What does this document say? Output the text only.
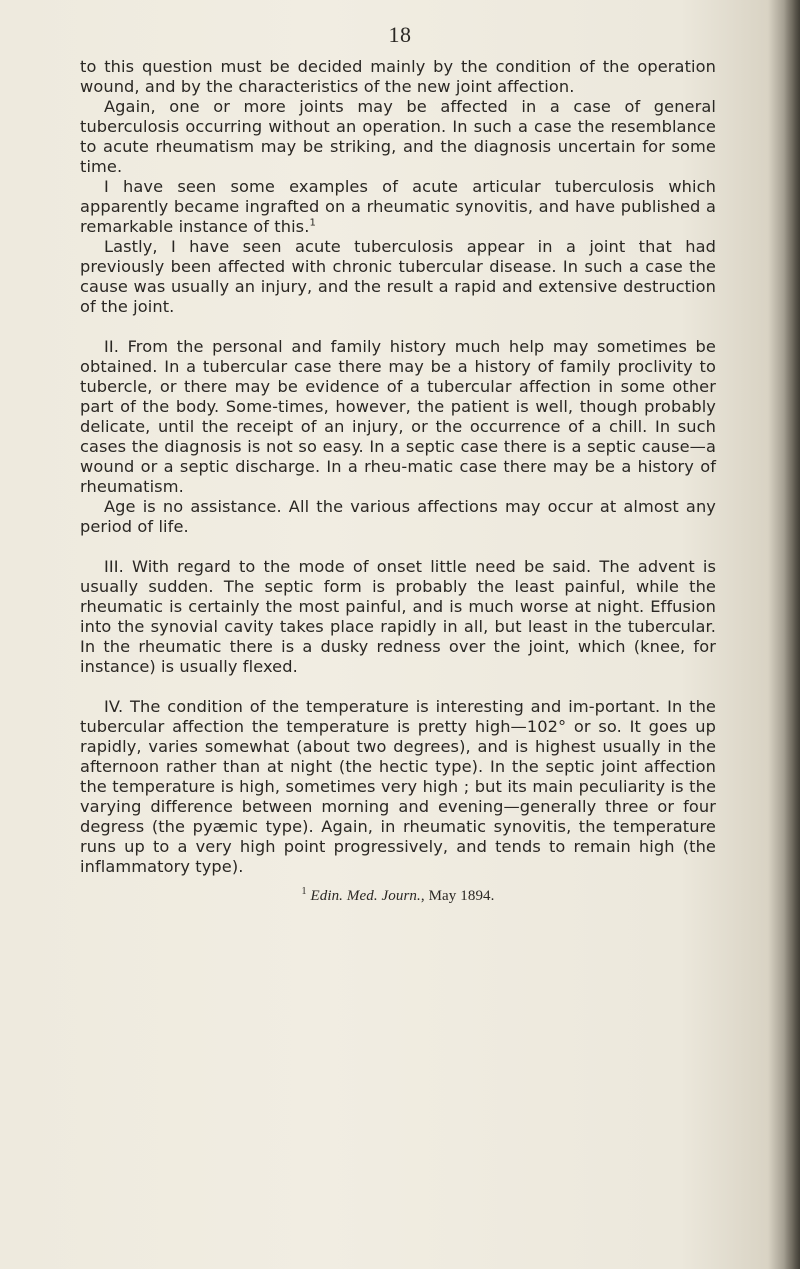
18

to this question must be decided mainly by the condition of the operation wound, and by the characteristics of the new joint affection.

Again, one or more joints may be affected in a case of general tuberculosis occurring without an operation. In such a case the resemblance to acute rheumatism may be striking, and the diagnosis uncertain for some time.

I have seen some examples of acute articular tuberculosis which apparently became ingrafted on a rheumatic synovitis, and have published a remarkable instance of this.$^1$

Lastly, I have seen acute tuberculosis appear in a joint that had previously been affected with chronic tubercular disease. In such a case the cause was usually an injury, and the result a rapid and extensive destruction of the joint.

II. From the personal and family history much help may sometimes be obtained. In a tubercular case there may be a history of family proclivity to tubercle, or there may be evidence of a tubercular affection in some other part of the body. Some-times, however, the patient is well, though probably delicate, until the receipt of an injury, or the occurrence of a chill. In such cases the diagnosis is not so easy. In a septic case there is a septic cause—a wound or a septic discharge. In a rheu-matic case there may be a history of rheumatism.

Age is no assistance. All the various affections may occur at almost any period of life.

III. With regard to the mode of onset little need be said. The advent is usually sudden. The septic form is probably the least painful, while the rheumatic is certainly the most painful, and is much worse at night. Effusion into the synovial cavity takes place rapidly in all, but least in the tubercular. In the rheumatic there is a dusky redness over the joint, which (knee, for instance) is usually flexed.

IV. The condition of the temperature is interesting and im-portant. In the tubercular affection the temperature is pretty high—102° or so. It goes up rapidly, varies somewhat (about two degrees), and is highest usually in the afternoon rather than at night (the hectic type). In the septic joint affection the temperature is high, sometimes very high ; but its main peculiarity is the varying difference between morning and evening—generally three or four degress (the pyæmic type). Again, in rheumatic synovitis, the temperature runs up to a very high point progressively, and tends to remain high (the inflammatory type).

$^1$ Edin. Med. Journ., May 1894.
